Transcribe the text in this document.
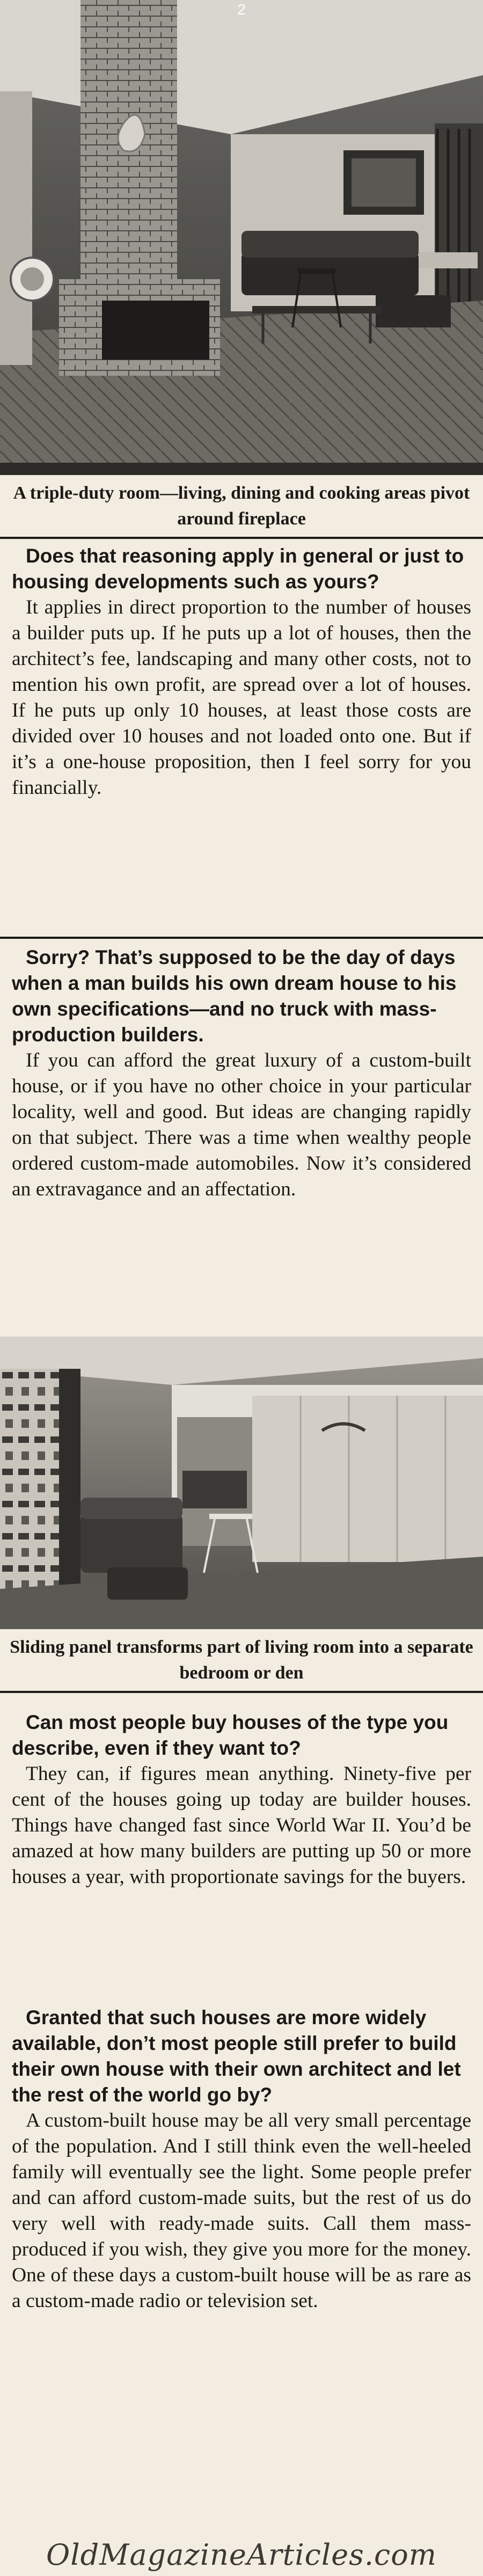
2
A triple-duty room—living, dining and cooking areas pivot around fireplace

Does that reasoning apply in general or just to housing developments such as yours?

It applies in direct proportion to the number of houses a builder puts up. If he puts up a lot of houses, then the architect’s fee, landscaping and many other costs, not to mention his own profit, are spread over a lot of houses. If he puts up only 10 houses, at least those costs are divided over 10 houses and not loaded onto one. But if it’s a one-house proposition, then I feel sorry for you financially.

Sorry? That’s supposed to be the day of days when a man builds his own dream house to his own specifications—and no truck with mass-production builders.

If you can afford the great luxury of a custom-built house, or if you have no other choice in your particular locality, well and good. But ideas are changing rapidly on that subject. There was a time when wealthy people ordered custom-made automobiles. Now it’s considered an extravagance and an affectation.

Sliding panel transforms part of living room into a separate bedroom or den

Can most people buy houses of the type you describe, even if they want to?

They can, if figures mean anything. Ninety-five per cent of the houses going up today are builder houses. Things have changed fast since World War II. You’d be amazed at how many builders are putting up 50 or more houses a year, with proportionate savings for the buyers.

Granted that such houses are more widely available, don’t most people still prefer to build their own house with their own architect and let the rest of the world go by?

A custom-built house may be all very small percentage of the population. And I still think even the well-heeled family will eventually see the light. Some people prefer and can afford custom-made suits, but the rest of us do very well with ready-made suits. Call them mass-produced if you wish, they give you more for the money. One of these days a custom-built house will be as rare as a custom-made radio or television set.

OldMagazineArticles.com
